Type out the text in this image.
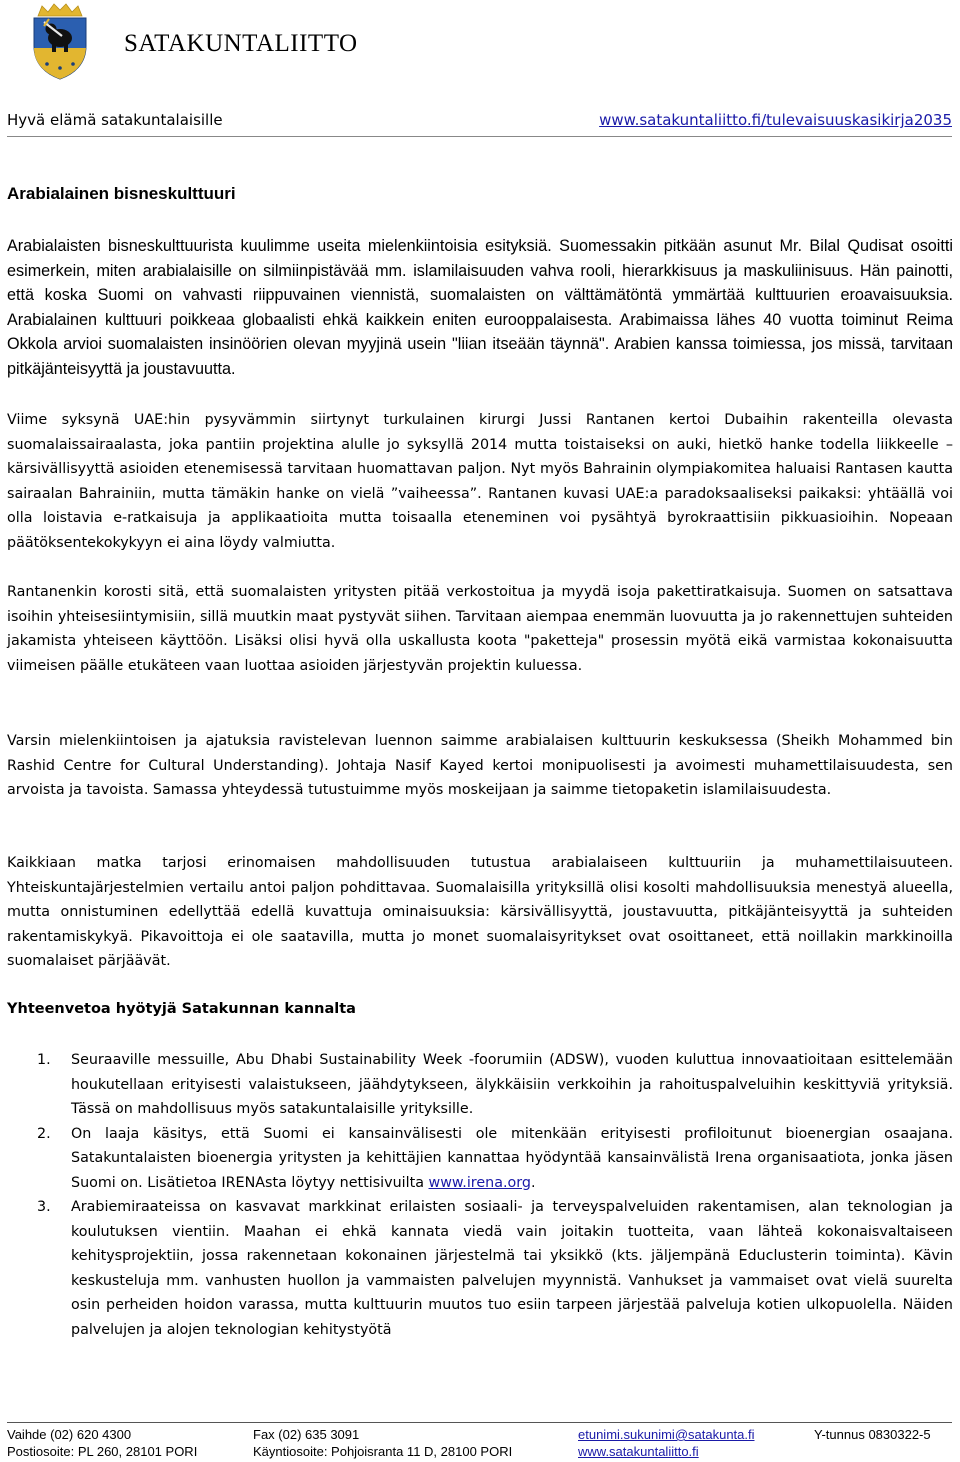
SATAKUNTALIITTO
Hyvä elämä satakuntalaisille	www.satakuntaliitto.fi/tulevaisuuskasikirja2035
Arabialainen bisneskulttuuri

Arabialaisten bisneskulttuurista kuulimme useita mielenkiintoisia esityksiä. Suomessakin pitkään asunut Mr. Bilal Qudisat osoitti esimerkein, miten arabialaisille on silmiinpistävää mm. islamilaisuuden vahva rooli, hierarkkisuus ja maskuliinisuus. Hän painotti, että koska Suomi on vahvasti riippuvainen viennistä, suomalaisten on välttämätöntä ymmärtää kulttuurien eroavaisuuksia. Arabialainen kulttuuri poikkeaa globaalisti ehkä kaikkein eniten eurooppalaisesta. Arabimaissa lähes 40 vuotta toiminut Reima Okkola arvioi suomalaisten insinöörien olevan myyjinä usein "liian itseään täynnä". Arabien kanssa toimiessa, jos missä, tarvitaan pitkäjänteisyyttä ja joustavuutta.

Viime syksynä UAE:hin pysyvämmin siirtynyt turkulainen kirurgi Jussi Rantanen kertoi Dubaihin rakenteilla olevasta suomalaissairaalasta, joka pantiin projektina alulle jo syksyllä 2014 mutta toistaiseksi on auki, hietkö hanke todella liikkeelle – kärsivällisyyttä asioiden etenemisessä tarvitaan huomattavan paljon. Nyt myös Bahrainin olympiakomitea haluaisi Rantasen kautta sairaalan Bahrainiin, mutta tämäkin hanke on vielä ”vaiheessa”. Rantanen kuvasi UAE:a paradoksaaliseksi paikaksi: yhtäällä voi olla loistavia e-ratkaisuja ja applikaatioita mutta toisaalla eteneminen voi pysähtyä byrokraattisiin pikkuasioihin. Nopeaan päätöksentekokykyyn ei aina löydy valmiutta.

Rantanenkin korosti sitä, että suomalaisten yritysten pitää verkostoitua ja myydä isoja pakettiratkaisuja. Suomen on satsattava isoihin yhteisesiintymisiin, sillä muutkin maat pystyvät siihen. Tarvitaan aiempaa enemmän luovuutta ja jo rakennettujen suhteiden jakamista yhteiseen käyttöön. Lisäksi olisi hyvä olla uskallusta koota "paketteja" prosessin myötä eikä varmistaa kokonaisuutta viimeisen päälle etukäteen vaan luottaa asioiden järjestyvän projektin kuluessa.

Varsin mielenkiintoisen ja ajatuksia ravistelevan luennon saimme arabialaisen kulttuurin keskuksessa (Sheikh Mohammed bin Rashid Centre for Cultural Understanding). Johtaja Nasif Kayed kertoi monipuolisesti ja avoimesti muhamettilaisuudesta, sen arvoista ja tavoista. Samassa yhteydessä tutustuimme myös moskeijaan ja saimme tietopaketin islamilaisuudesta.

Kaikkiaan matka tarjosi erinomaisen mahdollisuuden tutustua arabialaiseen kulttuuriin ja muhamettilaisuuteen. Yhteiskuntajärjestelmien vertailu antoi paljon pohdittavaa. Suomalaisilla yrityksillä olisi kosolti mahdollisuuksia menestyä alueella, mutta onnistuminen edellyttää edellä kuvattuja ominaisuuksia: kärsivällisyyttä, joustavuutta, pitkäjänteisyyttä ja suhteiden rakentamiskykyä. Pikavoittoja ei ole saatavilla, mutta jo monet suomalaisyritykset ovat osoittaneet, että noillakin markkinoilla suomalaiset pärjäävät.

Yhteenvetoa hyötyjä Satakunnan kannalta
1. Seuraaville messuille, Abu Dhabi Sustainability Week -foorumiin (ADSW), vuoden kuluttua innovaatioitaan esittelemään houkutellaan erityisesti valaistukseen, jäähdytykseen, älykkäisiin verkkoihin ja rahoituspalveluihin keskittyviä yrityksiä. Tässä on mahdollisuus myös satakuntalaisille yrityksille.
2. On laaja käsitys, että Suomi ei kansainvälisesti ole mitenkään erityisesti profiloitunut bioenergian osaajana. Satakuntalaisten bioenergia yritysten ja kehittäjien kannattaa hyödyntää kansainvälistä Irena organisaatiota, jonka jäsen Suomi on. Lisätietoa IRENAsta löytyy nettisivuilta www.irena.org.
3. Arabiemiraateissa on kasvavat markkinat erilaisten sosiaali- ja terveyspalveluiden rakentamisen, alan teknologian ja koulutuksen vientiin. Maahan ei ehkä kannata viedä vain joitakin tuotteita, vaan lähteä kokonaisvaltaiseen kehitysprojektiin, jossa rakennetaan kokonainen järjestelmä tai yksikkö (kts. jäljempänä Educlusterin toiminta). Kävin keskusteluja mm. vanhusten huollon ja vammaisten palvelujen myynnistä. Vanhukset ja vammaiset ovat vielä suurelta osin perheiden hoidon varassa, mutta kulttuurin muutos tuo esiin tarpeen järjestää palveluja kotien ulkopuolella. Näiden palvelujen ja alojen teknologian kehitystyötä
Vaihde (02) 620 4300	Fax (02) 635 3091	etunimi.sukunimi@satakunta.fi	Y-tunnus 0830322-5
Postiosoite: PL 260, 28101 PORI	Käyntiosoite: Pohjoisranta 11 D, 28100 PORI	www.satakuntaliitto.fi
